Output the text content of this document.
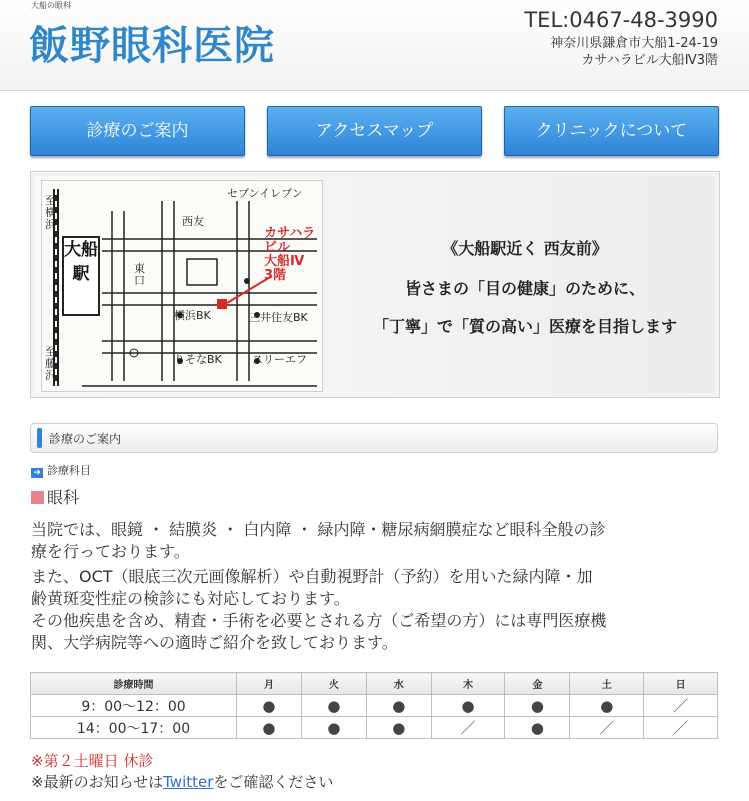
大船の眼科
飯野眼科医院
TEL:0467-48-3990
神奈川県鎌倉市大船1-24-19
カサハラビル大船Ⅳ3階
診療のご案内	アクセスマップ	クリニックについて
至横浜
至藤沢
大船駅	東口
セブンイレブン
西友
カサハラ
ビル
大船Ⅳ
3階
横浜BK	三井住友BK
りそなBK	スリーエフ
《大船駅近く 西友前》
皆さまの「目の健康」のために、
「丁寧」で「質の高い」医療を目指します
診療のご案内
➜ 診療科目
眼科
当院では、眼鏡 ・ 結膜炎 ・ 白内障 ・ 緑内障・糖尿病網膜症など眼科全般の診
療を行っております。
また、OCT（眼底三次元画像解析）や自動視野計（予約）を用いた緑内障・加
齢黄斑変性症の検診にも対応しております。
その他疾患を含め、精査・手術を必要とされる方（ご希望の方）には専門医療機
関、大学病院等への適時ご紹介を致しております。
診療時間	月	火	水	木	金	土	日
9：00～12：00	●	●	●	●	●	●	／
14：00～17：00	●	●	●	／	●	／	／
※第２土曜日 休診
※最新のお知らせはTwitterをご確認ください
